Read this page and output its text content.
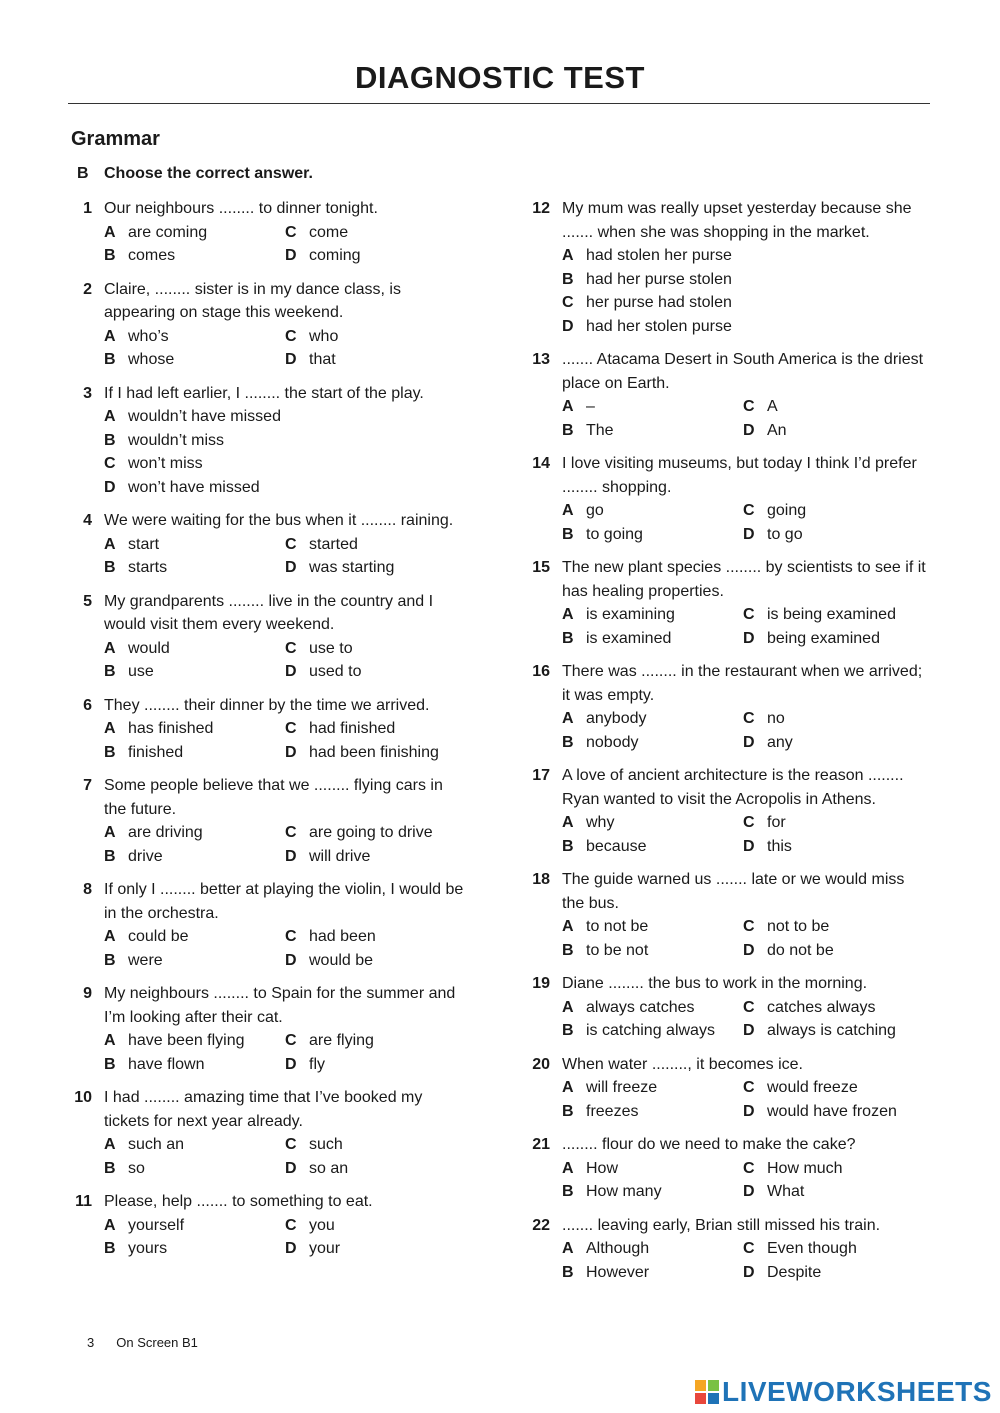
DIAGNOSTIC TEST
Grammar
B Choose the correct answer.
1 Our neighbours ........ to dinner tonight.
A are coming	C come
B comes	D coming
2 Claire, ........ sister is in my dance class, is appearing on stage this weekend.
A who’s	C who
B whose	D that
3 If I had left earlier, I ........ the start of the play.
A wouldn’t have missed
B wouldn’t miss
C won’t miss
D won’t have missed
4 We were waiting for the bus when it ........ raining.
A start	C started
B starts	D was starting
5 My grandparents ........ live in the country and I would visit them every weekend.
A would	C use to
B use	D used to
6 They ........ their dinner by the time we arrived.
A has finished	C had finished
B finished	D had been finishing
7 Some people believe that we ........ flying cars in the future.
A are driving	C are going to drive
B drive	D will drive
8 If only I ........ better at playing the violin, I would be in the orchestra.
A could be	C had been
B were	D would be
9 My neighbours ........ to Spain for the summer and I’m looking after their cat.
A have been flying	C are flying
B have flown	D fly
10 I had ........ amazing time that I’ve booked my tickets for next year already.
A such an	C such
B so	D so an
11 Please, help ....... to something to eat.
A yourself	C you
B yours	D your
12 My mum was really upset yesterday because she ....... when she was shopping in the market.
A had stolen her purse
B had her purse stolen
C her purse had stolen
D had her stolen purse
13 ....... Atacama Desert in South America is the driest place on Earth.
A –	C A
B The	D An
14 I love visiting museums, but today I think I’d prefer ........ shopping.
A go	C going
B to going	D to go
15 The new plant species ........ by scientists to see if it has healing properties.
A is examining	C is being examined
B is examined	D being examined
16 There was ........ in the restaurant when we arrived; it was empty.
A anybody	C no
B nobody	D any
17 A love of ancient architecture is the reason ........ Ryan wanted to visit the Acropolis in Athens.
A why	C for
B because	D this
18 The guide warned us ....... late or we would miss the bus.
A to not be	C not to be
B to be not	D do not be
19 Diane ........ the bus to work in the morning.
A always catches	C catches always
B is catching always	D always is catching
20 When water ........, it becomes ice.
A will freeze	C would freeze
B freezes	D would have frozen
21 ........ flour do we need to make the cake?
A How	C How much
B How many	D What
22 ....... leaving early, Brian still missed his train.
A Although	C Even though
B However	D Despite
3 On Screen B1
LIVEWORKSHEETS
